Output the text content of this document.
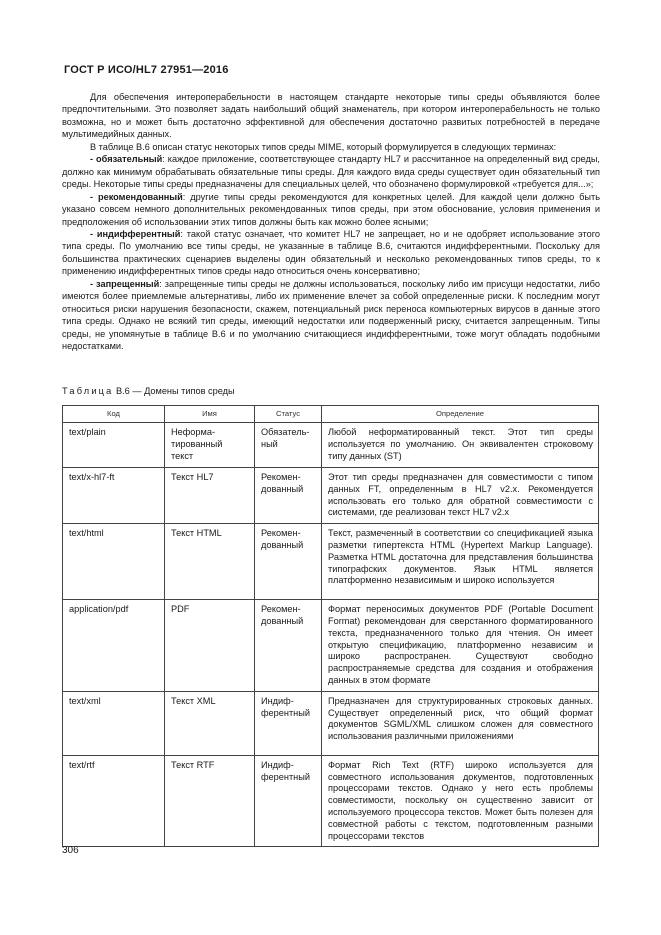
ГОСТ Р ИСО/HL7 27951—2016

Для обеспечения интероперабельности в настоящем стандарте некоторые типы среды объявляются более предпочтительными. Это позволяет задать наибольший общий знаменатель, при котором интероперабельность не только возможна, но и может быть достаточно эффективной для обеспечения достаточно развитых потребностей в передаче мультимедийных данных.

В таблице В.6 описан статус некоторых типов среды MIME, который формулируется в следующих терминах:

- обязательный: каждое приложение, соответствующее стандарту HL7 и рассчитанное на определенный вид среды, должно как минимум обрабатывать обязательные типы среды. Для каждого вида среды существует один обязательный тип среды. Некоторые типы среды предназначены для специальных целей, что обозначено формулировкой «требуется для...»;

- рекомендованный: другие типы среды рекомендуются для конкретных целей. Для каждой цели должно быть указано совсем немного дополнительных рекомендованных типов среды, при этом обоснование, условия применения и предположения об использовании этих типов должны быть как можно более ясными;

- индифферентный: такой статус означает, что комитет HL7 не запрещает, но и не одобряет использование этого типа среды. По умолчанию все типы среды, не указанные в таблице В.6, считаются индифферентными. Поскольку для большинства практических сценариев выделены один обязательный и несколько рекомендованных типов среды, то к применению индифферентных типов среды надо относиться очень консервативно;

- запрещенный: запрещенные типы среды не должны использоваться, поскольку либо им присущи недостатки, либо имеются более приемлемые альтернативы, либо их применение влечет за собой определенные риски. К последним могут относиться риски нарушения безопасности, скажем, потенциальный риск переноса компьютерных вирусов в данные этого типа среды. Однако не всякий тип среды, имеющий недостатки или подверженный риску, считается запрещенным. Типы среды, не упомянутые в таблице В.6 и по умолчанию считающиеся индифферентными, тоже могут обладать подобными недостатками.

Таблица В.6 — Домены типов среды
Код	Имя	Статус	Определение
text/plain	Неформа-
тированный
текст	Обязатель-
ный	Любой неформатированный текст. Этот тип среды используется по умолчанию. Он эквивалентен строковому типу данных (ST)
text/x-hl7-ft	Текст HL7	Рекомен-
дованный	Этот тип среды предназначен для совместимости с типом данных FT, определенным в HL7 v2.x. Рекомендуется использовать его только для обратной совместимости с системами, где реализован текст HL7 v2.x
text/html	Текст HTML	Рекомен-
дованный	Текст, размеченный в соответствии со спецификацией языка разметки гипертекста HTML (Hypertext Markup Language). Разметка HTML достаточна для представления большинства типографских документов. Язык HTML является платформенно независимым и широко используется
application/pdf	PDF	Рекомен-
дованный	Формат переносимых документов PDF (Portable Document Format) рекомендован для сверстанного форматированного текста, предназначенного только для чтения. Он имеет открытую спецификацию, платформенно независим и широко распространен. Существуют свободно распространяемые средства для создания и отображения данных в этом формате
text/xml	Текст XML	Индиф-
ферентный	Предназначен для структурированных строковых данных. Существует определенный риск, что общий формат документов SGML/XML слишком сложен для совместного использования различными приложениями
text/rtf	Текст RTF	Индиф-
ферентный	Формат Rich Text (RTF) широко используется для совместного использования документов, подготовленных процессорами текстов. Однако у него есть проблемы совместимости, поскольку он существенно зависит от используемого процессора текстов. Может быть полезен для совместной работы с текстом, подготовленным разными процессорами текстов
306
